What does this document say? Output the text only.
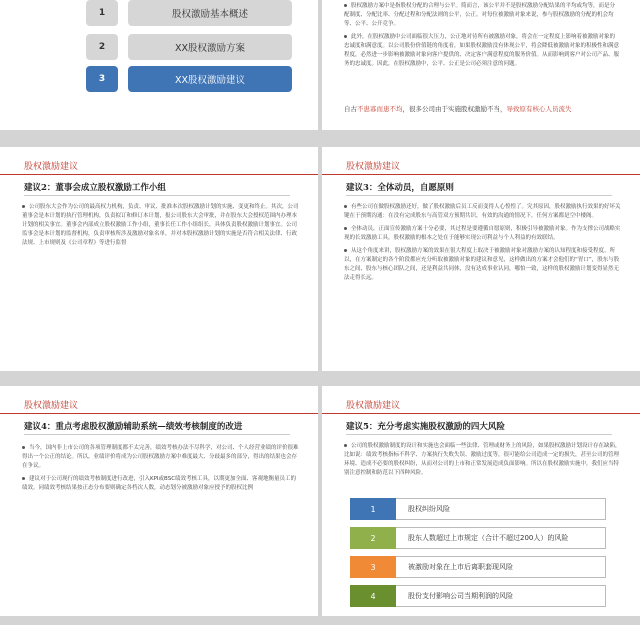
1	股权激励基本概述
2	XX股权激励方案
3	XX股权激励建议

股权激励方案中是指股权分配的合理与公平。简而言，该公平并不是股权激励分配结果的平均或均等，而是分配制度、分配比率、分配过程和分配法则的公平，公正。对每位被激励对象来说，参与股权激励的分配的机会均等、公平、公开竞争。

此外，在股权激励中公司面临很大压力，公正地对待所有被激励对象，将会在一定程度上影响着被激励对象的忠诚度和满意度。以公司股份价值链的角度看，如果股权激励没有体现公平，将会降低被激励对象的积极性和满意程度，必然进一步影响被激励对象向客户提供的、决定客户满意程度的服务价值。从而影响到客户对公司产品、服务的忠诚度。因此，在股权激励中，公平、公正是公司必须注意的问题。

自古不患寡而患不均，很多公司由于实施股权激励不当，导致原有核心人员流失
股权激励建议
建议2：董事会成立股权激励工作小组

公司股东大会作为公司的最高权力机构，负责、审议、批准本次股权激励计划的实施、变更和终止。其次，公司董事会是本计划的执行管理机构，负责拟订和修订本计划，报公司股东大会审批，并在股东大会授权范围内办理本计划的相关事宜。董事会内部成立股权激励工作小组，董事长任工作小组组长，具体负责股权激励计划事宜。公司监事会是本计划的监督机构，负责审核所涉及激励对象名单，并对本股权激励计划的实施是否符合相关法律、行政法规、上市规则及《公司章程》等进行监督

股权激励建议
建议3：全体动员，自愿原则

有些公司在做股权激励还好，做了股权激励后员工反而变得人心惶惶了。究其原因，股权激励执行效果的好坏关键在于预期沟通：在没有完成股东与高管双方预期共识，有效的沟通的情况下，任何方案都是空中楼阁。

全体动员，正面宣传激励方案十分必要，其过程是要遵循自愿原则，积极引导被激励对象。作为支撑公司战略实现的长效激励工具，股权激励的根本之处在于能够实现公司利益与个人利益的有效联结。

从这个角度来讲，股权激励方案的效果在很大程度上取决于被激励对象对激励方案的认知程度和接受程度。所以，在方案制定的各个阶段都应充分听取被激励对象的建议和意见，这样做出的方案才会他们的“胃口”，股东与股东之间、股东与核心团队之间，还是利益共同体，没有达成事业认同，哪怕一致，这样的股权激励计划变得显然无法走得长远。

股权激励建议
建议4：重点考虑股权激励辅助系统—绩效考核制度的改进

当今，国内非上市公司的各项管理制度都不太完善，绩效考核办法不尽科学，对公司、个人经营业绩的评价很难得出一个公正的结论。所以，业绩评价将成为公司股权激励方案中难度最大、分歧最多的部分，得出的结果也会存在争议。

建议对于公司现行的绩效考核制度进行改进，引入KPI或BSC绩效考核工具，以期更加全面、客观地衡量员工的绩效。同绩效考核结果按正态分布要则确定各档次人数，动态划分被激励对象应授予的股权比例

股权激励建议
建议5：充分考虑实施股权激励的四大风险

公司的股权激励制度的设计和实施也会面临一些法律、管理或财务上的风险，如果股权激励计划设计存在缺陷，比如说：绩效考核指标不科学、方案执行失败失误、激励过度等，很可能给公司造成一定的损失，甚至公司的管理环境、造成不必要的股权纠纷，从而对公司的上市和正常发展造成负面影响。所以在股权激励实施中，我们应当特别注意控制和防范以下四种风险。

1	股权纠纷风险
2	股东人数超过上市规定（合计不超过200人）的风险
3	被激励对象在上市后离职套现风险
4	股份支付影响公司当期利润的风险
